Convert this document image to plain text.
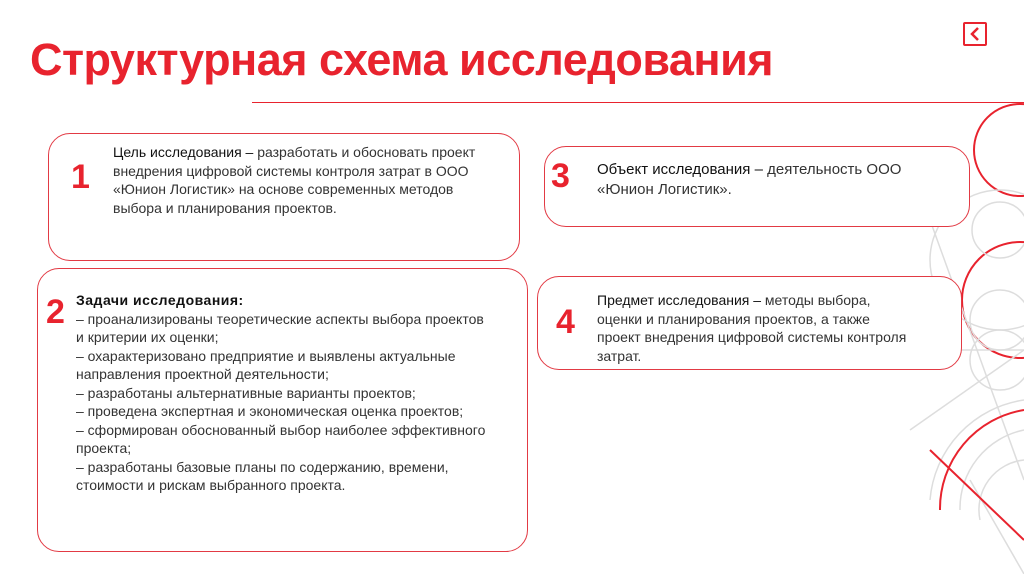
Структурная схема исследования
1
Цель исследования – разработать и обосновать проект внедрения цифровой системы контроля затрат в ООО «Юнион Логистик» на основе современных методов выбора и планирования проектов.
2 Задачи исследования:
– проанализированы теоретические аспекты выбора проектов
и критерии их оценки;
– охарактеризовано предприятие и выявлены актуальные
направления проектной деятельности;
– разработаны альтернативные варианты проектов;
– проведена экспертная и экономическая оценка проектов;
– сформирован обоснованный выбор наиболее эффективного
проекта;
– разработаны базовые планы по содержанию, времени,
стоимости и рискам выбранного проекта.
3 Объект исследования – деятельность ООО «Юнион Логистик».
4
Предмет исследования – методы выбора, оценки и планирования проектов, а также проект внедрения цифровой системы контроля затрат.
